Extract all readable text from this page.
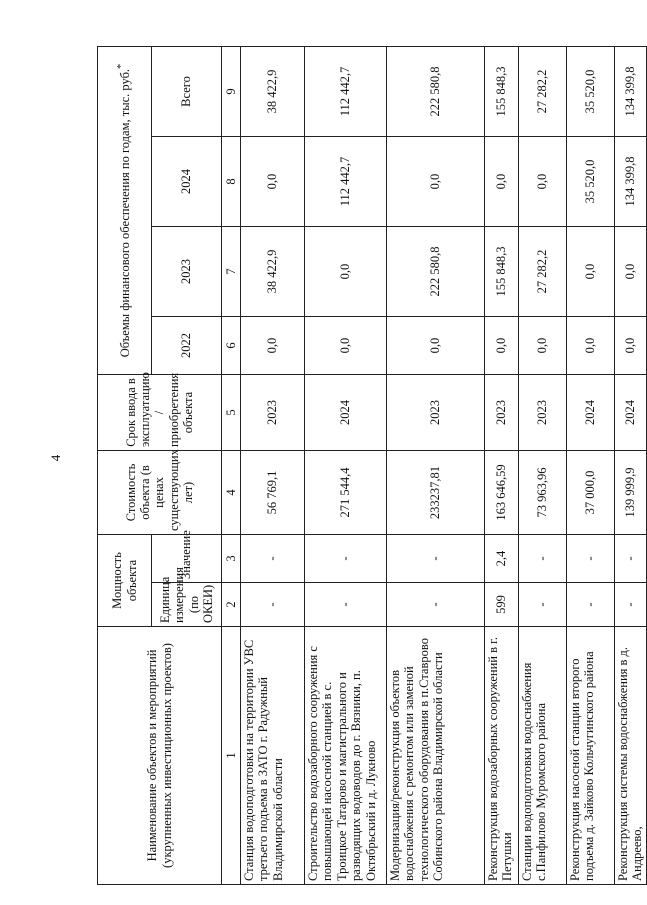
4
Наименование объектов и мероприятий (укрупненных инвестиционных проектов)	Мощность объекта		Стоимость объекта (в ценах существующих лет)	Срок ввода в эксплуатацию / приобретения объекта	Объемы финансового обеспечения по годам, тыс. руб.*
	Единица измерения (по ОКЕИ)	Значение			2022	2023	2024	Всего
1	2	3	4	5	6	7	8	9
Станция водоподготовки на территории УВС третьего подъема в ЗАТО г. Радужный Владимирской области	-	-	56 769,1	2023	0,0	38 422,9	0,0	38 422,9
Строительство водозаборного сооружения с повышающей насосной станцией в с. Троицкое Татарово и магистрального и разводящих водоводов до г. Вязники, п. Октябрьский и д. Лукново	-	-	271 544,4	2024	0,0	0,0	112 442,7	112 442,7
Модернизация/реконструкция объектов водоснабжения с ремонтом или заменой технологического оборудования в п.Ставрово Собинского района Владимирской области	-	-	233237,81	2023	0,0	222 580,8	0,0	222 580,8
Реконструкция водозаборных сооружений в г. Петушки	599	2,4	163 646,59	2023	0,0	155 848,3	0,0	155 848,3
Станции водоподготовки водоснабжения с.Панфилово Муромского района	-	-	73 963,96	2023	0,0	27 282,2	0,0	27 282,2
Реконструкция насосной станции второго подъема д. Зайково Кольчугинского района	-	-	37 000,0	2024	0,0	0,0	35 520,0	35 520,0
Реконструкция системы водоснабжения в д. Андреево,	-	-	139 999,9	2024	0,0	0,0	134 399,8	134 399,8
